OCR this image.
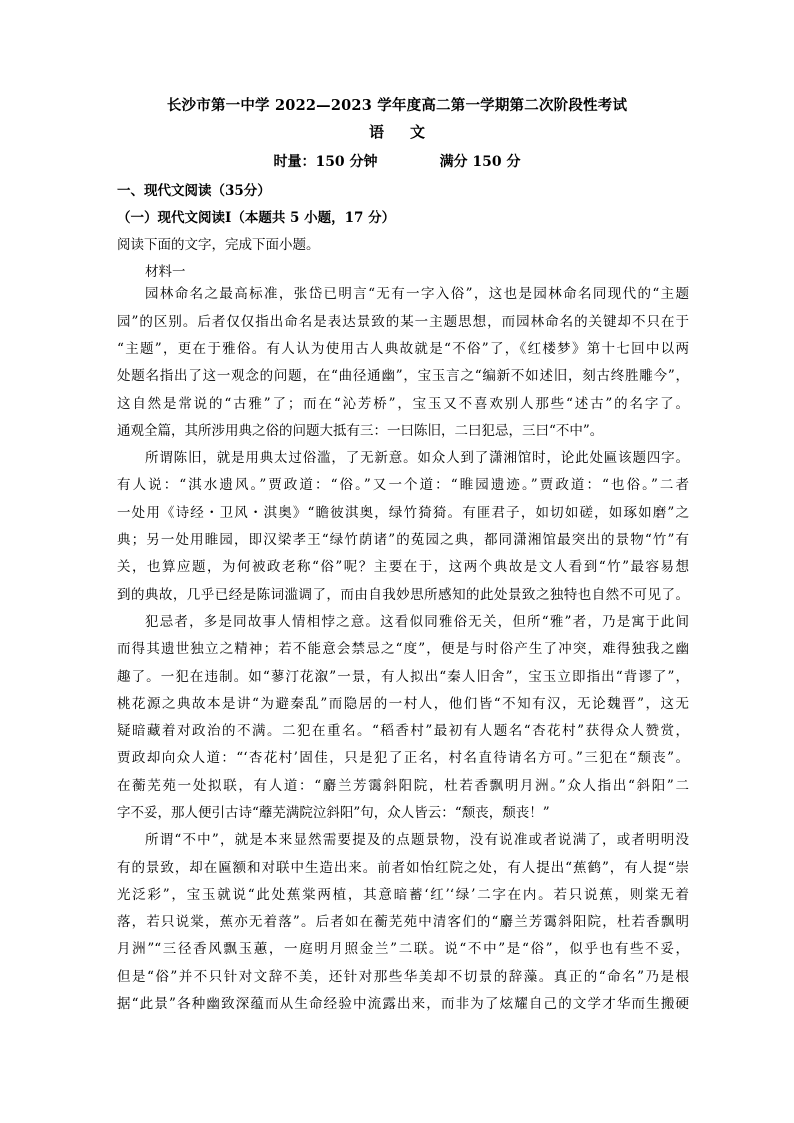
长沙市第一中学 2022—2023 学年度高二第一学期第二次阶段性考试
语 文
时量：150 分钟	满分 150 分
一、现代文阅读（35分）
（一）现代文阅读Ⅰ（本题共 5 小题，17 分）
阅读下面的文字，完成下面小题。
材料一
园林命名之最高标准，张岱已明言“无有一字入俗”，这也是园林命名同现代的“主题
园”的区别。后者仅仅指出命名是表达景致的某一主题思想，而园林命名的关键却不只在于
“主题”，更在于雅俗。有人认为使用古人典故就是“不俗”了，《红楼梦》第十七回中以两
处题名指出了这一观念的问题，在“曲径通幽”，宝玉言之“编新不如述旧，刻古终胜雕今”，
这自然是常说的“古雅”了；而在“沁芳桥”，宝玉又不喜欢别人那些“述古”的名字了。
通观全篇，其所涉用典之俗的问题大抵有三：一曰陈旧，二曰犯忌，三曰“不中”。
所谓陈旧，就是用典太过俗滥，了无新意。如众人到了潇湘馆时，论此处匾该题四字。
有人说：“淇水遗风。”贾政道：“俗。”又一个道：“睢园遗迹。”贾政道：“也俗。”二者
一处用《诗经・卫风・淇奥》“瞻彼淇奥，绿竹猗猗。有匪君子，如切如磋，如琢如磨”之
典；另一处用睢园，即汉梁孝王“绿竹荫诸”的菟园之典，都同潇湘馆最突出的景物“竹”有
关，也算应题，为何被政老称“俗”呢？主要在于，这两个典故是文人看到“竹”最容易想
到的典故，几乎已经是陈词滥调了，而由自我妙思所感知的此处景致之独特也自然不可见了。
犯忌者，多是同故事人情相悖之意。这看似同雅俗无关，但所“雅”者，乃是寓于此间
而得其遗世独立之精神；若不能意会禁忌之“度”，便是与时俗产生了冲突，难得独我之幽
趣了。一犯在违制。如“蓼汀花溆”一景，有人拟出“秦人旧舍”，宝玉立即指出“背谬了”，
桃花源之典故本是讲“为避秦乱”而隐居的一村人，他们皆“不知有汉，无论魏晋”，这无
疑暗藏着对政治的不满。二犯在重名。“稻香村”最初有人题名“杏花村”获得众人赞赏，
贾政却向众人道：“‘杏花村’固佳，只是犯了正名，村名直待请名方可。”三犯在“颓丧”。
在蘅芜苑一处拟联，有人道：“麝兰芳霭斜阳院，杜若香飘明月洲。”众人指出“斜阳”二
字不妥，那人便引古诗“蘼芜满院泣斜阳”句，众人皆云：“颓丧，颓丧！”
所谓“不中”，就是本来显然需要提及的点题景物，没有说准或者说满了，或者明明没
有的景致，却在匾额和对联中生造出来。前者如怡红院之处，有人提出“蕉鹤”，有人提“崇
光泛彩”，宝玉就说“此处蕉棠两植，其意暗蓄‘红’‘绿’二字在内。若只说蕉，则棠无着
落，若只说棠，蕉亦无着落”。后者如在蘅芜苑中清客们的“麝兰芳霭斜阳院，杜若香飘明
月洲”“三径香风飘玉蕙，一庭明月照金兰”二联。说“不中”是“俗”，似乎也有些不妥，
但是“俗”并不只针对文辞不美，还针对那些华美却不切景的辞藻。真正的“命名”乃是根
据“此景”各种幽致深蕴而从生命经验中流露出来，而非为了炫耀自己的文学才华而生搬硬
